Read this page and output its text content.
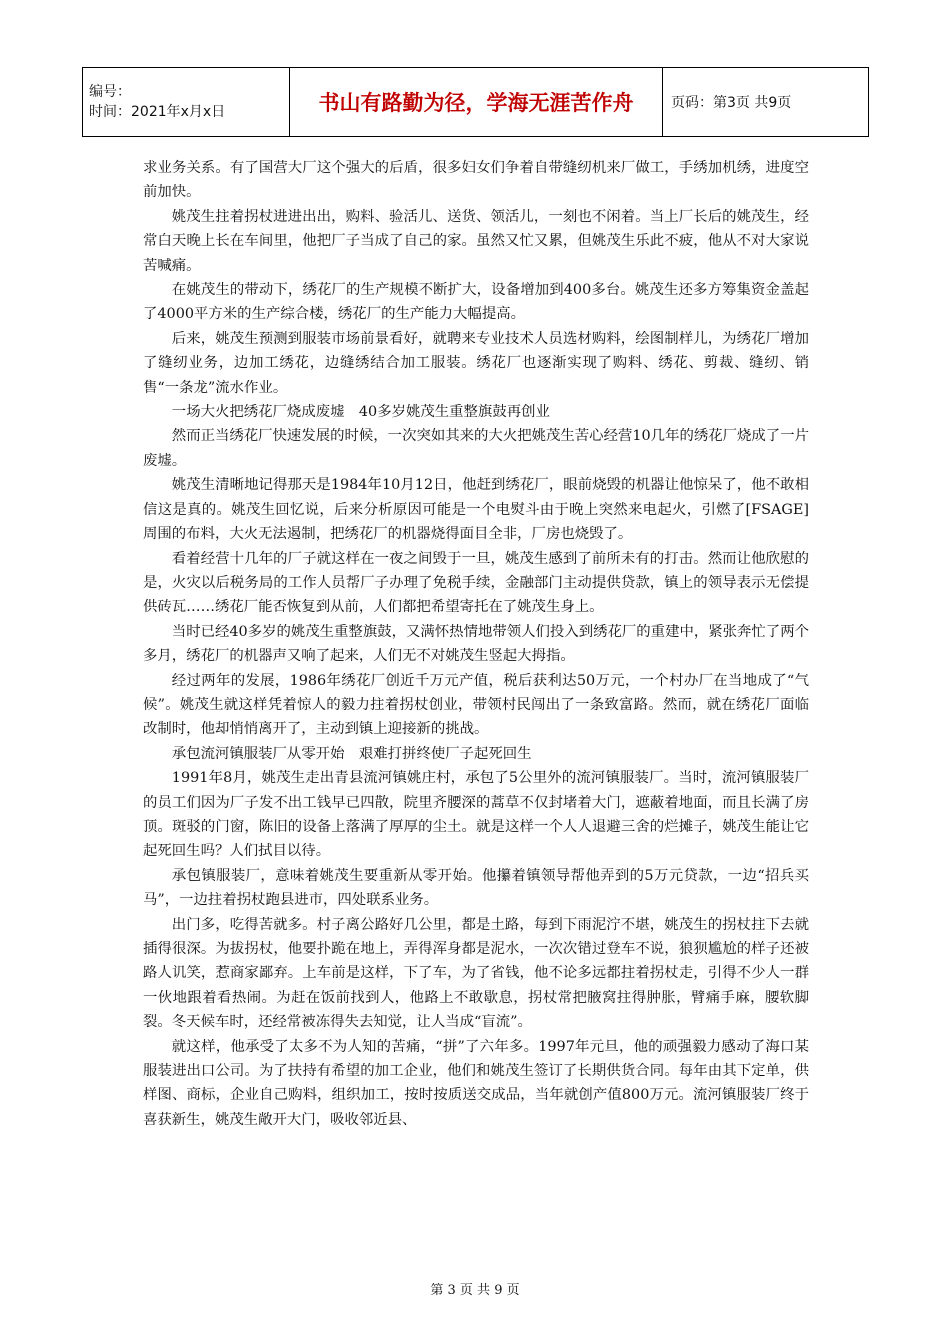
编号：
时间：2021年x月x日	书山有路勤为径，学海无涯苦作舟	页码：第3页 共9页

求业务关系。有了国营大厂这个强大的后盾，很多妇女们争着自带缝纫机来厂做工，手绣加机绣，进度空前加快。

姚茂生拄着拐杖进进出出，购料、验活儿、送货、领活儿，一刻也不闲着。当上厂长后的姚茂生，经常白天晚上长在车间里，他把厂子当成了自己的家。虽然又忙又累，但姚茂生乐此不疲，他从不对大家说苦喊痛。

在姚茂生的带动下，绣花厂的生产规模不断扩大，设备增加到400多台。姚茂生还多方筹集资金盖起了4000平方米的生产综合楼，绣花厂的生产能力大幅提高。

后来，姚茂生预测到服装市场前景看好，就聘来专业技术人员选材购料，绘图制样儿，为绣花厂增加了缝纫业务，边加工绣花，边缝绣结合加工服装。绣花厂也逐渐实现了购料、绣花、剪裁、缝纫、销售“一条龙”流水作业。

一场大火把绣花厂烧成废墟　40多岁姚茂生重整旗鼓再创业

然而正当绣花厂快速发展的时候，一次突如其来的大火把姚茂生苦心经营10几年的绣花厂烧成了一片废墟。

姚茂生清晰地记得那天是1984年10月12日，他赶到绣花厂，眼前烧毁的机器让他惊呆了，他不敢相信这是真的。姚茂生回忆说，后来分析原因可能是一个电熨斗由于晚上突然来电起火，引燃了[FSAGE]周围的布料，大火无法遏制，把绣花厂的机器烧得面目全非，厂房也烧毁了。

看着经营十几年的厂子就这样在一夜之间毁于一旦，姚茂生感到了前所未有的打击。然而让他欣慰的是，火灾以后税务局的工作人员帮厂子办理了免税手续，金融部门主动提供贷款，镇上的领导表示无偿提供砖瓦……绣花厂能否恢复到从前，人们都把希望寄托在了姚茂生身上。

当时已经40多岁的姚茂生重整旗鼓，又满怀热情地带领人们投入到绣花厂的重建中，紧张奔忙了两个多月，绣花厂的机器声又响了起来，人们无不对姚茂生竖起大拇指。

经过两年的发展，1986年绣花厂创近千万元产值，税后获利达50万元，一个村办厂在当地成了“气候”。姚茂生就这样凭着惊人的毅力拄着拐杖创业，带领村民闯出了一条致富路。然而，就在绣花厂面临改制时，他却悄悄离开了，主动到镇上迎接新的挑战。

承包流河镇服装厂从零开始　艰难打拼终使厂子起死回生

1991年8月，姚茂生走出青县流河镇姚庄村，承包了5公里外的流河镇服装厂。当时，流河镇服装厂的员工们因为厂子发不出工钱早已四散，院里齐腰深的蒿草不仅封堵着大门，遮蔽着地面，而且长满了房顶。斑驳的门窗，陈旧的设备上落满了厚厚的尘土。就是这样一个人人退避三舍的烂摊子，姚茂生能让它起死回生吗？人们拭目以待。

承包镇服装厂，意味着姚茂生要重新从零开始。他攥着镇领导帮他弄到的5万元贷款，一边“招兵买马”，一边拄着拐杖跑县进市，四处联系业务。

出门多，吃得苦就多。村子离公路好几公里，都是土路，每到下雨泥泞不堪，姚茂生的拐杖拄下去就插得很深。为拔拐杖，他要扑跪在地上，弄得浑身都是泥水，一次次错过登车不说，狼狈尴尬的样子还被路人讥笑，惹商家鄙弃。上车前是这样，下了车，为了省钱，他不论多远都拄着拐杖走，引得不少人一群一伙地跟着看热闹。为赶在饭前找到人，他路上不敢歇息，拐杖常把腋窝拄得肿胀，臂痛手麻，腰软脚裂。冬天候车时，还经常被冻得失去知觉，让人当成“盲流”。

就这样，他承受了太多不为人知的苦痛，“拼”了六年多。1997年元旦，他的顽强毅力感动了海口某服装进出口公司。为了扶持有希望的加工企业，他们和姚茂生签订了长期供货合同。每年由其下定单，供样图、商标，企业自己购料，组织加工，按时按质送交成品，当年就创产值800万元。流河镇服装厂终于喜获新生，姚茂生敞开大门，吸收邻近县、

第 3 页 共 9 页
